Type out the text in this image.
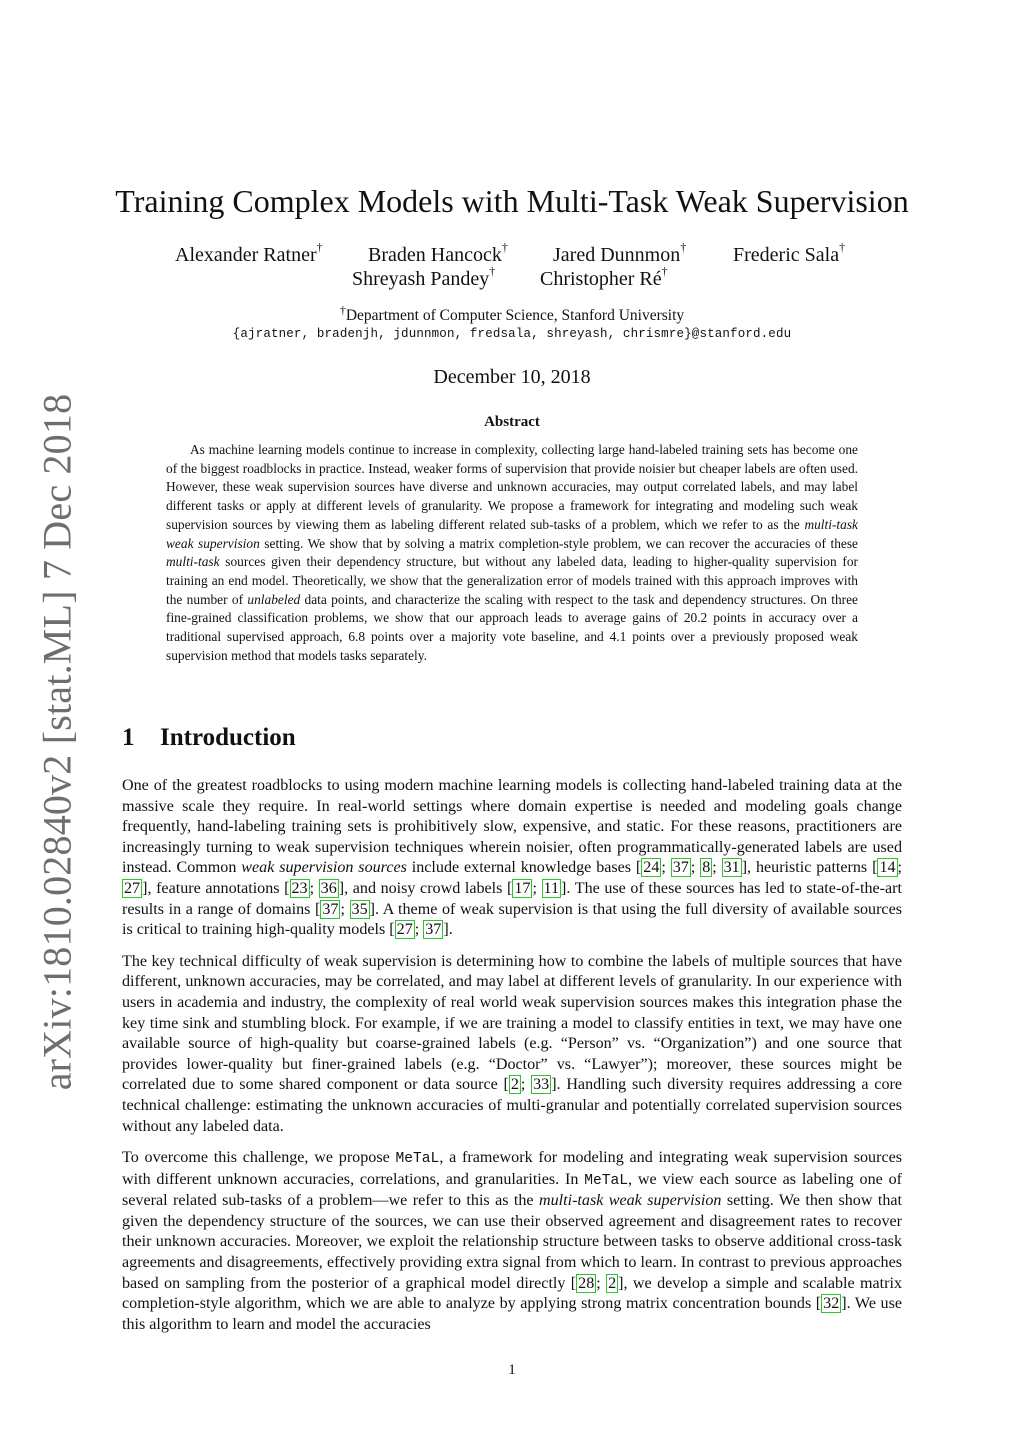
arXiv:1810.02840v2 [stat.ML] 7 Dec 2018
Training Complex Models with Multi-Task Weak Supervision
Alexander Ratner† Braden Hancock† Jared Dunnmon† Frederic Sala†
Shreyash Pandey† Christopher Ré†
†Department of Computer Science, Stanford University
{ajratner, bradenjh, jdunnmon, fredsala, shreyash, chrismre}@stanford.edu
December 10, 2018
Abstract
As machine learning models continue to increase in complexity, collecting large hand-labeled training sets has become one of the biggest roadblocks in practice. Instead, weaker forms of supervision that provide noisier but cheaper labels are often used. However, these weak supervision sources have diverse and unknown accuracies, may output correlated labels, and may label different tasks or apply at different levels of granularity. We propose a framework for integrating and modeling such weak supervision sources by viewing them as labeling different related sub-tasks of a problem, which we refer to as the multi-task weak supervision setting. We show that by solving a matrix completion-style problem, we can recover the accuracies of these multi-task sources given their dependency structure, but without any labeled data, leading to higher-quality supervision for training an end model. Theoretically, we show that the generalization error of models trained with this approach improves with the number of unlabeled data points, and characterize the scaling with respect to the task and dependency structures. On three fine-grained classification problems, we show that our approach leads to average gains of 20.2 points in accuracy over a traditional supervised approach, 6.8 points over a majority vote baseline, and 4.1 points over a previously proposed weak supervision method that models tasks separately.
1 Introduction

One of the greatest roadblocks to using modern machine learning models is collecting hand-labeled training data at the massive scale they require. In real-world settings where domain expertise is needed and modeling goals change frequently, hand-labeling training sets is prohibitively slow, expensive, and static. For these reasons, practitioners are increasingly turning to weak supervision techniques wherein noisier, often programmatically-generated labels are used instead. Common weak supervision sources include external knowledge bases [ 24 ; 37 ; 8 ; 31 ], heuristic patterns [ 14 ; 27 ], feature annotations [ 23 ; 36 ], and noisy crowd labels [ 17 ; 11 ]. The use of these sources has led to state-of-the-art results in a range of domains [ 37 ; 35 ]. A theme of weak supervision is that using the full diversity of available sources is critical to training high-quality models [ 27 ; 37 ].

The key technical difficulty of weak supervision is determining how to combine the labels of multiple sources that have different, unknown accuracies, may be correlated, and may label at different levels of granularity. In our experience with users in academia and industry, the complexity of real world weak supervision sources makes this integration phase the key time sink and stumbling block. For example, if we are training a model to classify entities in text, we may have one available source of high-quality but coarse-grained labels (e.g. “Person” vs. “Organization”) and one source that provides lower-quality but finer-grained labels (e.g. “Doctor” vs. “Lawyer”); moreover, these sources might be correlated due to some shared component or data source [ 2 ; 33 ]. Handling such diversity requires addressing a core technical challenge: estimating the unknown accuracies of multi-granular and potentially correlated supervision sources without any labeled data.

To overcome this challenge, we propose MeTaL, a framework for modeling and integrating weak supervision sources with different unknown accuracies, correlations, and granularities. In MeTaL, we view each source as labeling one of several related sub-tasks of a problem—we refer to this as the multi-task weak supervision setting. We then show that given the dependency structure of the sources, we can use their observed agreement and disagreement rates to recover their unknown accuracies. Moreover, we exploit the relationship structure between tasks to observe additional cross-task agreements and disagreements, effectively providing extra signal from which to learn. In contrast to previous approaches based on sampling from the posterior of a graphical model directly [ 28 ; 2 ], we develop a simple and scalable matrix completion-style algorithm, which we are able to analyze by applying strong matrix concentration bounds [ 32 ]. We use this algorithm to learn and model the accuracies

1
